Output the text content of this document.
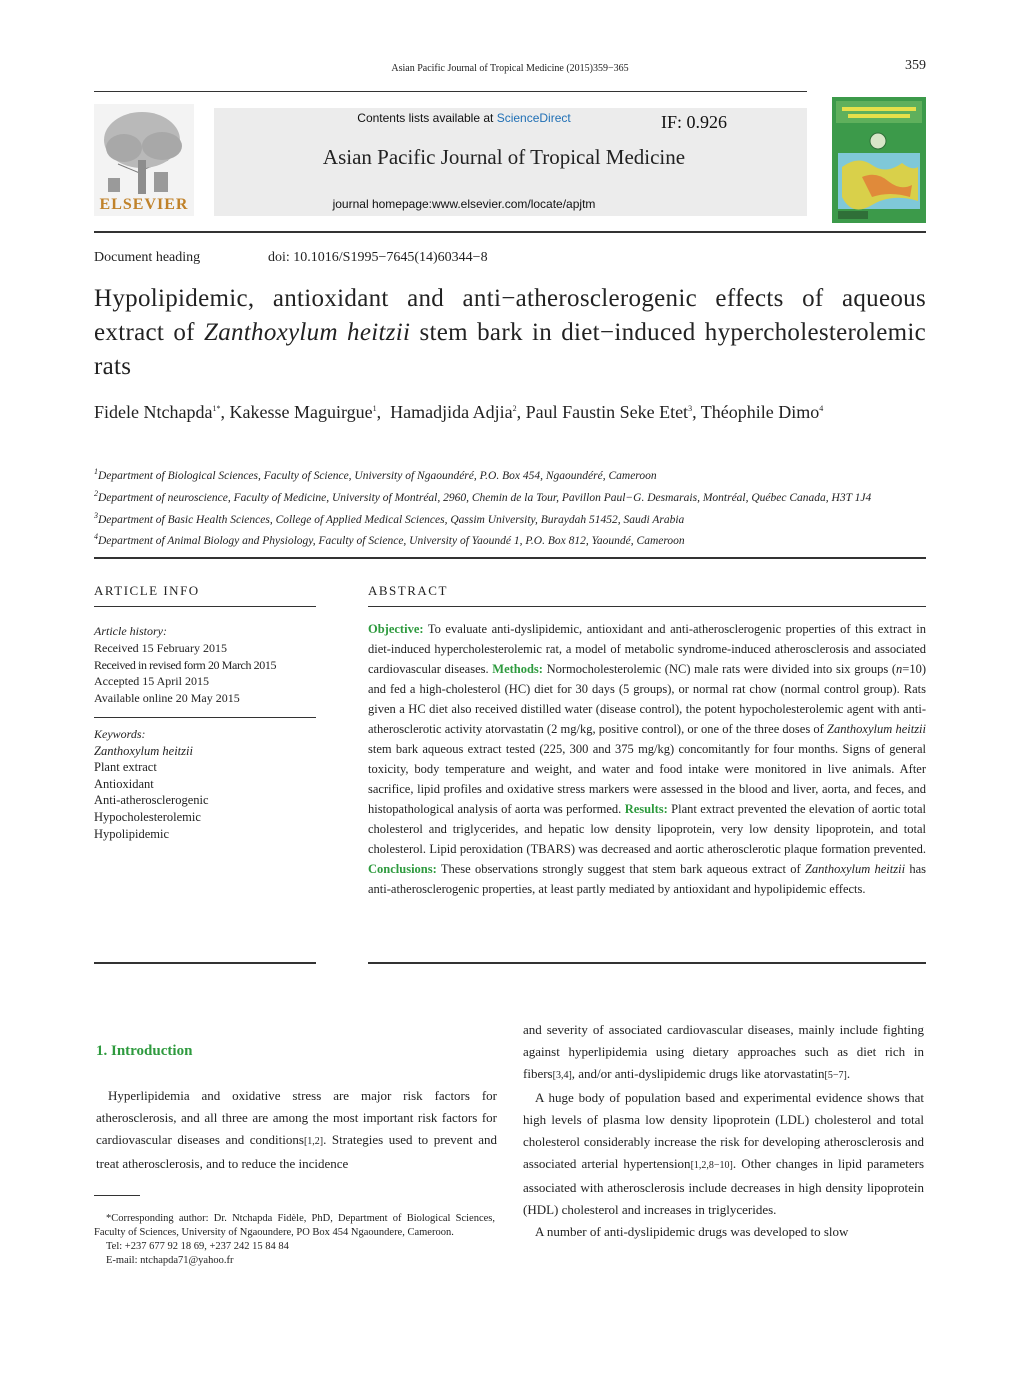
Asian Pacific Journal of Tropical Medicine (2015)359−365	359
ELSEVIER
Contents lists available at ScienceDirect	IF: 0.926
Asian Pacific Journal of Tropical Medicine
journal homepage:www.elsevier.com/locate/apjtm
Document heading	doi: 10.1016/S1995−7645(14)60344−8
Hypolipidemic, antioxidant and anti−atherosclerogenic effects of aqueous extract of Zanthoxylum heitzii stem bark in diet−induced hypercholesterolemic rats
Fidele Ntchapda$^{1*}$, Kakesse Maguirgue$^1$,  Hamadjida Adjia$^2$, Paul Faustin Seke Etet$^3$, Théophile Dimo$^4$
$^1$Department of Biological Sciences, Faculty of Science, University of Ngaoundéré, P.O. Box 454, Ngaoundéré, Cameroon
$^2$Department of neuroscience, Faculty of Medicine, University of Montréal, 2960, Chemin de la Tour, Pavillon Paul−G. Desmarais, Montréal, Québec Canada, H3T 1J4
$^3$Department of Basic Health Sciences, College of Applied Medical Sciences, Qassim University, Buraydah 51452, Saudi Arabia
$^4$Department of Animal Biology and Physiology, Faculty of Science, University of Yaoundé 1, P.O. Box 812, Yaoundé, Cameroon
ARTICLE INFO
Article history:
Received 15 February 2015
Received in revised form 20 March 2015
Accepted 15 April 2015
Available online 20 May 2015
Keywords:
Zanthoxylum heitzii
Plant extract
Antioxidant
Anti-atherosclerogenic
Hypocholesterolemic
Hypolipidemic
ABSTRACT
Objective: To evaluate anti-dyslipidemic, antioxidant and anti-atherosclerogenic properties of this extract in diet-induced hypercholesterolemic rat, a model of metabolic syndrome-induced atherosclerosis and associated cardiovascular diseases. Methods: Normocholesterolemic (NC) male rats were divided into six groups (n=10) and fed a high-cholesterol (HC) diet for 30 days (5 groups), or normal rat chow (normal control group). Rats given a HC diet also received distilled water (disease control), the potent hypocholesterolemic agent with anti-atherosclerotic activity atorvastatin (2 mg/kg, positive control), or one of the three doses of Zanthoxylum heitzii stem bark aqueous extract tested (225, 300 and 375 mg/kg) concomitantly for four months. Signs of general toxicity, body temperature and weight, and water and food intake were monitored in live animals. After sacrifice, lipid profiles and oxidative stress markers were assessed in the blood and liver, aorta, and feces, and histopathological analysis of aorta was performed. Results: Plant extract prevented the elevation of aortic total cholesterol and triglycerides, and hepatic low density lipoprotein, very low density lipoprotein, and total cholesterol. Lipid peroxidation (TBARS) was decreased and aortic atherosclerotic plaque formation prevented. Conclusions: These observations strongly suggest that stem bark aqueous extract of Zanthoxylum heitzii has anti-atherosclerogenic properties, at least partly mediated by antioxidant and hypolipidemic effects.
1. Introduction

Hyperlipidemia and oxidative stress are major risk factors for atherosclerosis, and all three are among the most important risk factors for cardiovascular diseases and conditions[1,2]. Strategies used to prevent and treat atherosclerosis, and to reduce the incidence

*Corresponding author: Dr. Ntchapda Fidèle, PhD, Department of Biological Sciences, Faculty of Sciences, University of Ngaoundere, PO Box 454 Ngaoundere, Cameroon.

Tel: +237 677 92 18 69, +237 242 15 84 84

E-mail: ntchapda71@yahoo.fr

and severity of associated cardiovascular diseases, mainly include fighting against hyperlipidemia using dietary approaches such as diet rich in fibers[3,4], and/or anti-dyslipidemic drugs like atorvastatin[5−7].

A huge body of population based and experimental evidence shows that high levels of plasma low density lipoprotein (LDL) cholesterol and total cholesterol considerably increase the risk for developing atherosclerosis and associated arterial hypertension[1,2,8−10]. Other changes in lipid parameters associated with atherosclerosis include decreases in high density lipoprotein (HDL) cholesterol and increases in triglycerides.

A number of anti-dyslipidemic drugs was developed to slow
